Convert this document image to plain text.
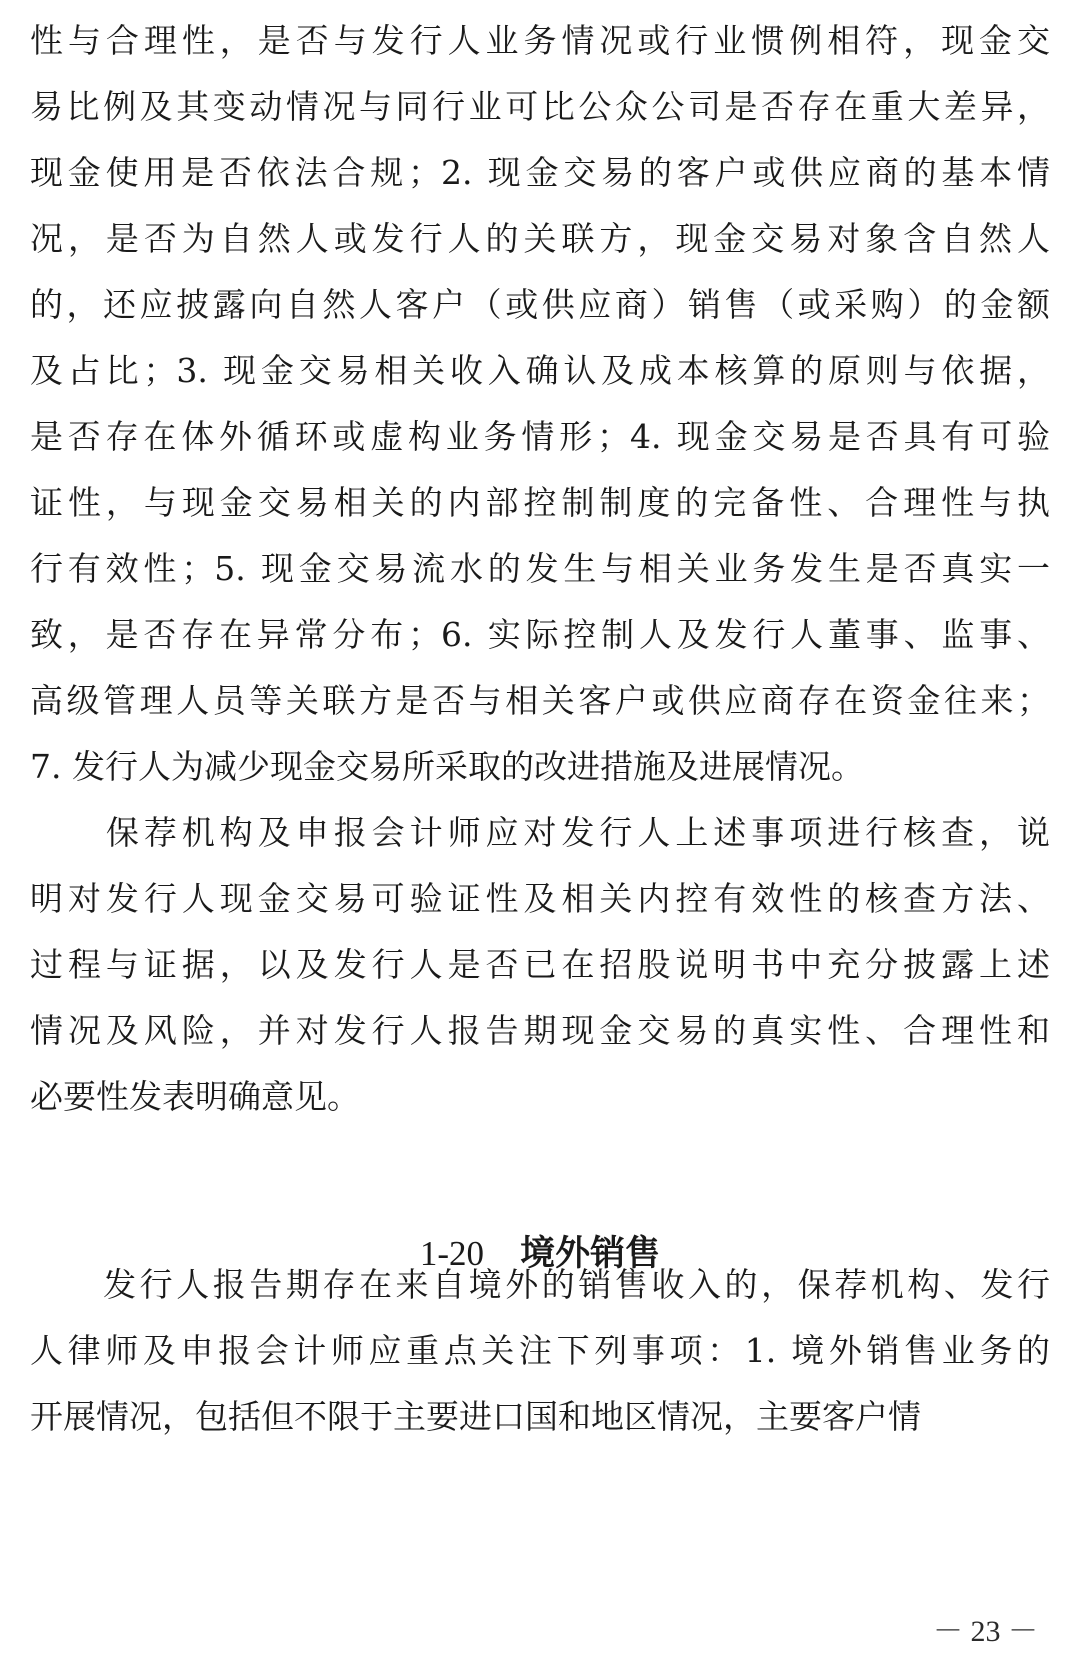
性与合理性，是否与发行人业务情况或行业惯例相符，现金交
易比例及其变动情况与同行业可比公众公司是否存在重大差异，
现金使用是否依法合规；2. 现金交易的客户或供应商的基本情
况，是否为自然人或发行人的关联方，现金交易对象含自然人
的，还应披露向自然人客户（或供应商）销售（或采购）的金额
及占比；3. 现金交易相关收入确认及成本核算的原则与依据，
是否存在体外循环或虚构业务情形；4. 现金交易是否具有可验
证性，与现金交易相关的内部控制制度的完备性、合理性与执
行有效性；5. 现金交易流水的发生与相关业务发生是否真实一
致，是否存在异常分布；6. 实际控制人及发行人董事、监事、
高级管理人员等关联方是否与相关客户或供应商存在资金往来；
7. 发行人为减少现金交易所采取的改进措施及进展情况。
　　保荐机构及申报会计师应对发行人上述事项进行核查，说
明对发行人现金交易可验证性及相关内控有效性的核查方法、
过程与证据，以及发行人是否已在招股说明书中充分披露上述
情况及风险，并对发行人报告期现金交易的真实性、合理性和
必要性发表明确意见。
1-20 境外销售
　　发行人报告期存在来自境外的销售收入的，保荐机构、发行
人律师及申报会计师应重点关注下列事项：1. 境外销售业务的
开展情况，包括但不限于主要进口国和地区情况，主要客户情
－ 23 －
